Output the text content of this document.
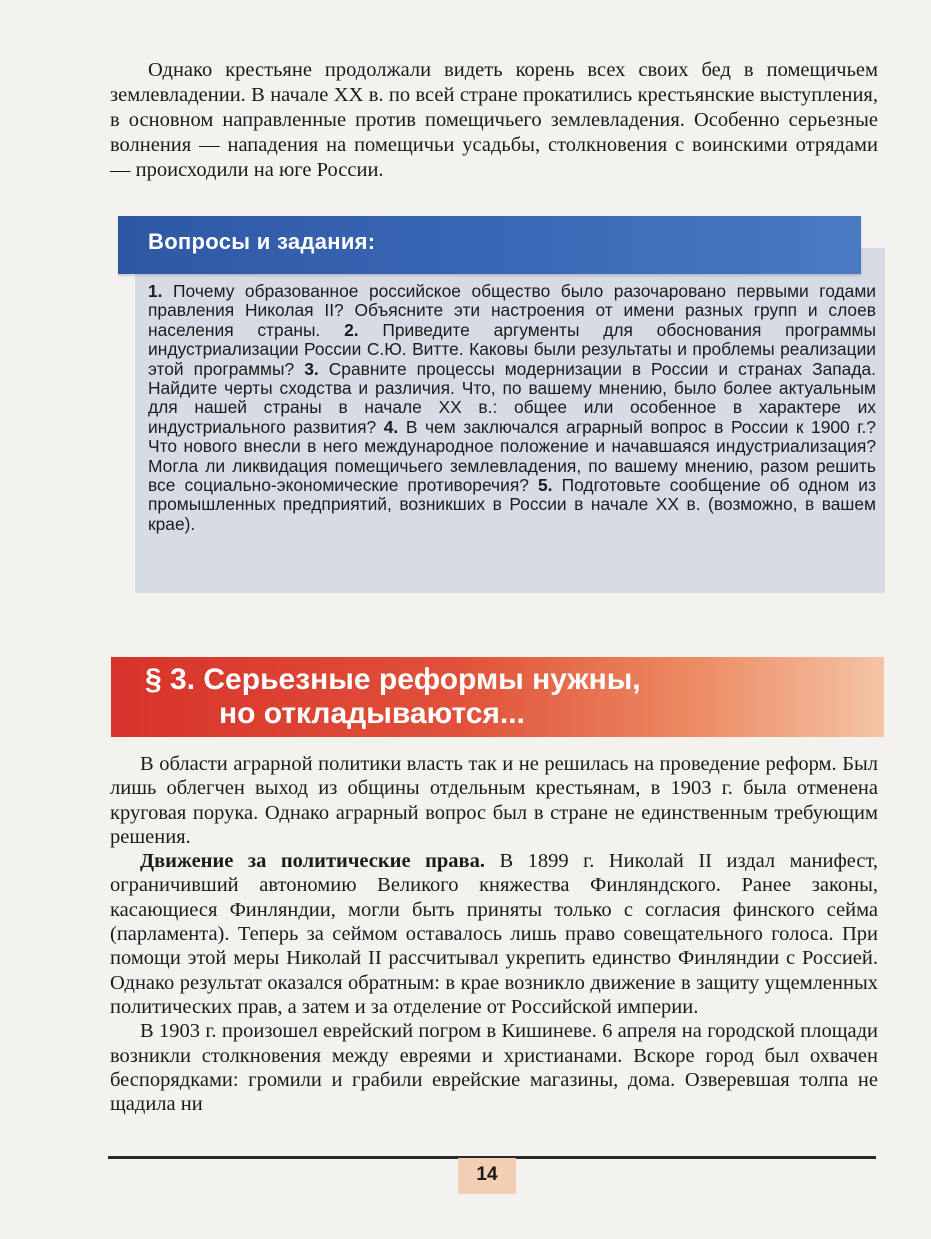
Однако крестьяне продолжали видеть корень всех своих бед в помещичьем землевладении. В начале XX в. по всей стране прокатились крестьянские выступления, в основном направленные против помещичьего землевладения. Особенно серьезные волнения — нападения на помещичьи усадьбы, столкновения с воинскими отрядами — происходили на юге России.

Вопросы и задания:

1. Почему образованное российское общество было разочаровано первыми годами правления Николая II? Объясните эти настроения от имени разных групп и слоев населения страны. 2. Приведите аргументы для обоснования программы индустриализации России С.Ю. Витте. Каковы были результаты и проблемы реализации этой программы? 3. Сравните процессы модернизации в России и странах Запада. Найдите черты сходства и различия. Что, по вашему мнению, было более актуальным для нашей страны в начале XX в.: общее или особенное в характере их индустриального развития? 4. В чем заключался аграрный вопрос в России к 1900 г.? Что нового внесли в него международное положение и начавшаяся индустриализация? Могла ли ликвидация помещичьего землевладения, по вашему мнению, разом решить все социально-экономические противоречия? 5. Подготовьте сообщение об одном из промышленных предприятий, возникших в России в начале XX в. (возможно, в вашем крае).

§ 3. Серьезные реформы нужны,

но откладываются...

В области аграрной политики власть так и не решилась на проведение реформ. Был лишь облегчен выход из общины отдельным крестьянам, в 1903 г. была отменена круговая порука. Однако аграрный вопрос был в стране не единственным требующим решения.

Движение за политические права. В 1899 г. Николай II издал манифест, ограничивший автономию Великого княжества Финляндского. Ранее законы, касающиеся Финляндии, могли быть приняты только с согласия финского сейма (парламента). Теперь за сеймом оставалось лишь право совещательного голоса. При помощи этой меры Николай II рассчитывал укрепить единство Финляндии с Россией. Однако результат оказался обратным: в крае возникло движение в защиту ущемленных политических прав, а затем и за отделение от Российской империи.

В 1903 г. произошел еврейский погром в Кишиневе. 6 апреля на городской площади возникли столкновения между евреями и христианами. Вскоре город был охвачен беспорядками: громили и грабили еврейские магазины, дома. Озверевшая толпа не щадила ни

14
